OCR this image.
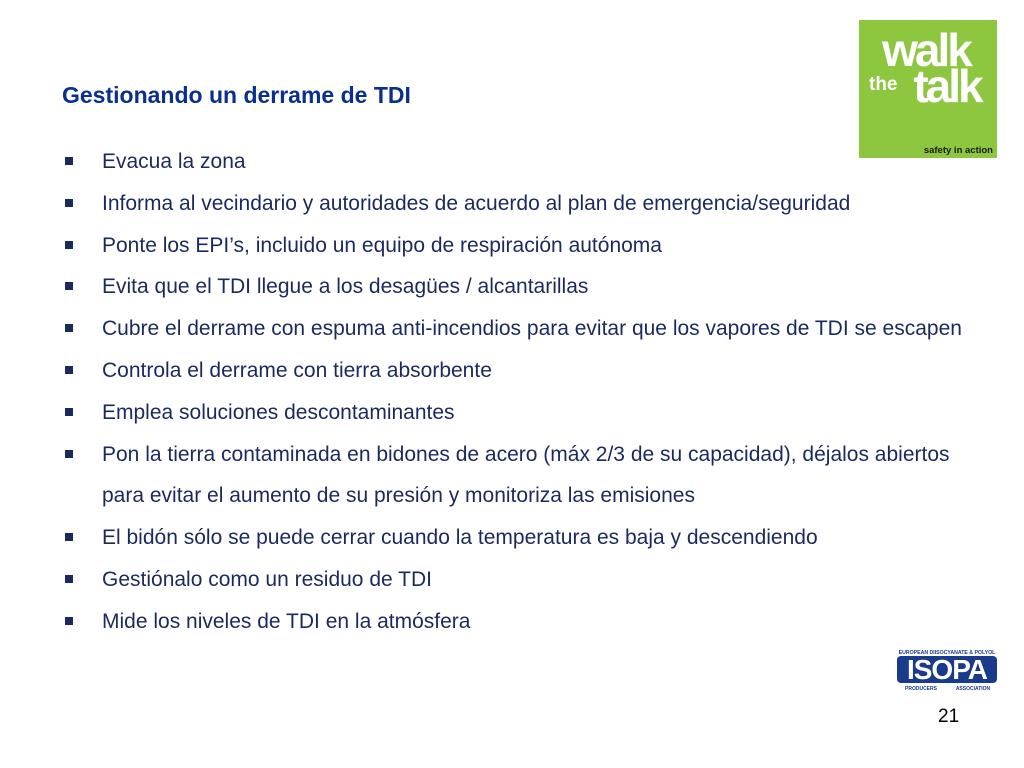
Gestionando un derrame de TDI
Evacua la zona
Informa al vecindario y autoridades de acuerdo al plan de emergencia/seguridad
Ponte los EPI’s, incluido un equipo de respiración autónoma
Evita que el TDI llegue a los desagües / alcantarillas
Cubre el derrame con espuma anti-incendios para evitar que los vapores de TDI se escapen
Controla el derrame con tierra absorbente
Emplea soluciones descontaminantes
Pon la tierra contaminada en bidones de acero (máx 2/3 de su capacidad), déjalos abiertos para evitar el aumento de su presión y monitoriza las emisiones
El bidón sólo se puede cerrar cuando la temperatura es baja y descendiendo
Gestiónalo como un residuo de TDI
Mide los niveles de TDI en la atmósfera
walk
the talk
safety in action
EUROPEAN DIISOCYANATE & POLYOL
ISOPA
PRODUCERS	ASSOCIATION
21
